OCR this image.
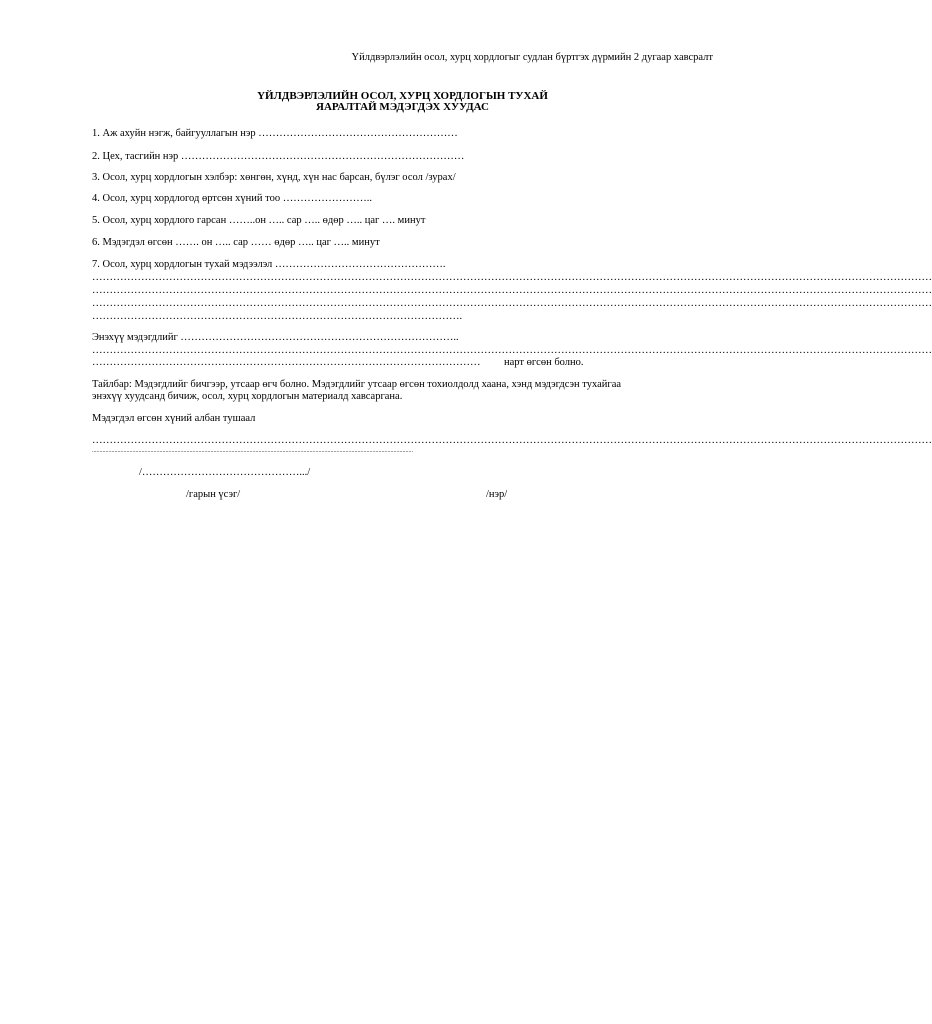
Үйлдвэрлэлийн осол, хурц хордлогыг судлан бүртгэх дүрмийн 2 дугаар хавсралт
ҮЙЛДВЭРЛЭЛИЙН ОСОЛ, ХУРЦ ХОРДЛОГЫН ТУХАЙ
ЯАРАЛТАЙ МЭДЭГДЭХ ХУУДАС
1. Аж ахуйн нэгж, байгууллагын нэр …………………………………………………
2. Цех, тасгийн нэр ………………………………………………………………………
3. Осол, хурц хордлогын хэлбэр: хөнгөн, хүнд, хүн нас барсан, бүлэг осол /зурах/
4. Осол, хурц хордлогод өртсөн хүний тоо ……………………..
5. Осол, хурц хордлого гарсан ……..он ….. сар ….. өдөр ….. цаг …. минут
6. Мэдэгдэл өгсөн ……. он ….. сар …… өдөр ….. цаг ….. минут
7. Осол, хурц хордлогын тухай мэдээлэл ………………………………………….
……………………………………………………………………………………………………………………………………………………………………………………………………………………
……………………………………………………………………………………………………………………………………………………………………………………………………………………
……………………………………………………………………………………………………………………………………………………………………………………………………………………
…………………………………………………………………………………………….
Энэхүү мэдэгдлийг ……………………………………………………………………..
……………………………………………………………………………………………………………………………………………………………………………………………………………………
………………………………………………………………………………………………… нарт өгсөн болно.
Тайлбар: Мэдэгдлийг бичгээр, утсаар өгч болно. Мэдэгдлийг утсаар өгсөн тохиолдолд хаана, хэнд мэдэгдсэн тухайгаа
энэхүү хуудсанд бичиж, осол, хурц хордлогын материалд хавсаргана.
Мэдэгдэл өгсөн хүний албан тушаал
……………………………………………………………………………………………………………………………………………………………………………………………………………………
......................................................................................................................................................................................................................
/……………………………………….../
/гарын үсэг/	/нэр/
